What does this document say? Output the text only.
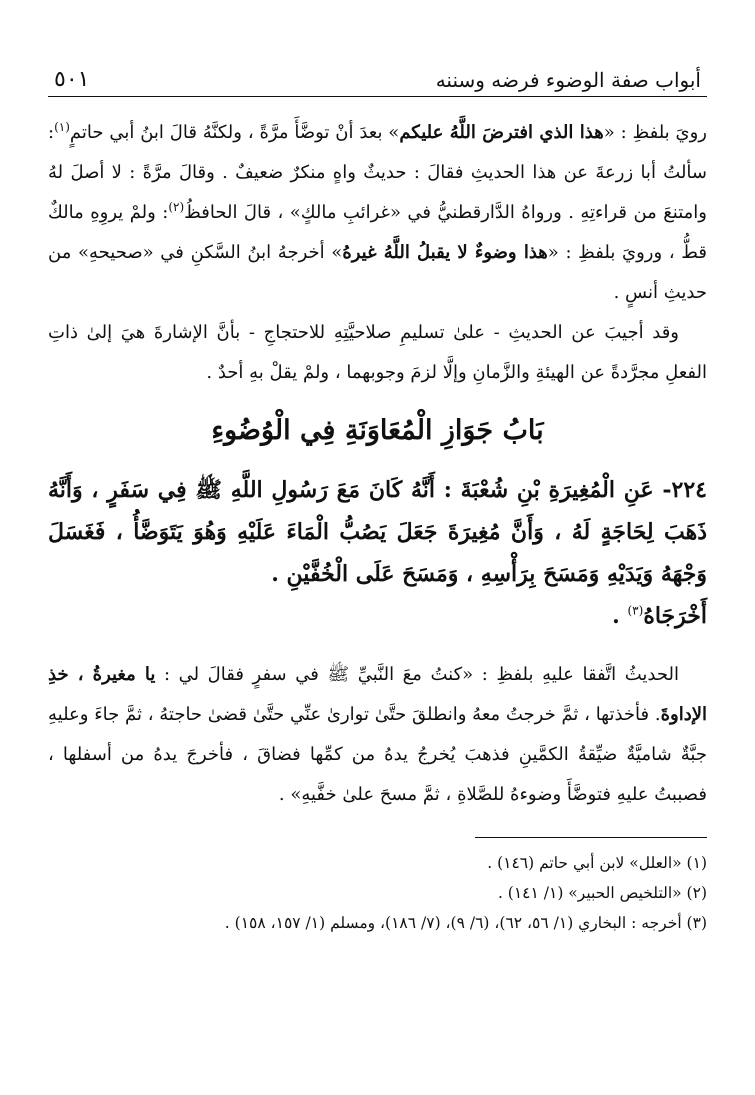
أبواب صفة الوضوء فرضه وسننه
٥٠١

رويَ بلفظِ : «هذا الذي افترضَ اللَّهُ عليكم» بعدَ أنْ توضَّأَ مرَّةً ، ولكنَّهُ قالَ ابنُ أبي حاتمٍ$^{(١)}$: سألتُ أبا زرعةَ عن هذا الحديثِ فقالَ : حديثٌ واهٍ منكرٌ ضعيفٌ . وقالَ مرَّةً : لا أصلَ لهُ وامتنعَ من قراءتِهِ . ورواهُ الدَّارقطنيُّ في «غرائبِ مالكٍ» ، قالَ الحافظُ$^{(٢)}$: ولمْ يروِهِ مالكٌ قطُّ ، ورويَ بلفظِ : «هذا وضوءٌ لا يقبلُ اللَّهُ غيرهُ» أخرجهُ ابنُ السَّكنِ في «صحيحهِ» من حديثِ أنسٍ .

وقد أجيبَ عن الحديثِ - علىٰ تسليمِ صلاحيَّتِهِ للاحتجاجِ - بأنَّ الإشارةَ هيَ إلىٰ ذاتِ الفعلِ مجرَّدةً عن الهيئةِ والزَّمانِ وإلَّا لزمَ وجوبهما ، ولمْ يقلْ بهِ أحدٌ .

بَابُ جَوَازِ الْمُعَاوَنَةِ فِي الْوُضُوءِ

٢٢٤- عَنِ الْمُغِيرَةِ بْنِ شُعْبَةَ : أَنَّهُ كَانَ مَعَ رَسُولِ اللَّهِ ﷺ فِي سَفَرٍ ، وَأَنَّهُ ذَهَبَ لِحَاجَةٍ لَهُ ، وَأَنَّ مُغِيرَةَ جَعَلَ يَصُبُّ الْمَاءَ عَلَيْهِ وَهُوَ يَتَوَضَّأُ ، فَغَسَلَ وَجْهَهُ وَيَدَيْهِ وَمَسَحَ بِرَأْسِهِ ، وَمَسَحَ عَلَى الْخُفَّيْنِ .
أَخْرَجَاهُ$^{(٣)}$ .

الحديثُ اتَّفقا عليهِ بلفظِ : «كنتُ معَ النَّبيِّ ﷺ في سفرٍ فقالَ لي : يا مغيرةُ ، خذِ الإداوةَ. فأخذتها ، ثمَّ خرجتُ معهُ وانطلقَ حتَّىٰ توارىٰ عنِّي حتَّىٰ قضىٰ حاجتهُ ، ثمَّ جاءَ وعليهِ جبَّةٌ شاميَّةٌ ضيِّقةُ الكمَّينِ فذهبَ يُخرجُ يدهُ من كمِّها فضاقَ ، فأخرجَ يدهُ من أسفلها ، فصببتُ عليهِ فتوضَّأَ وضوءهُ للصَّلاةِ ، ثمَّ مسحَ علىٰ خفَّيهِ» .

(١) «العلل» لابن أبي حاتم (١٤٦) .

(٢) «التلخيص الحبير» (١/ ١٤١) .

(٣) أخرجه : البخاري (١/ ٥٦، ٦٢)، (٦/ ٩)، (٧/ ١٨٦)، ومسلم (١/ ١٥٧، ١٥٨) .
